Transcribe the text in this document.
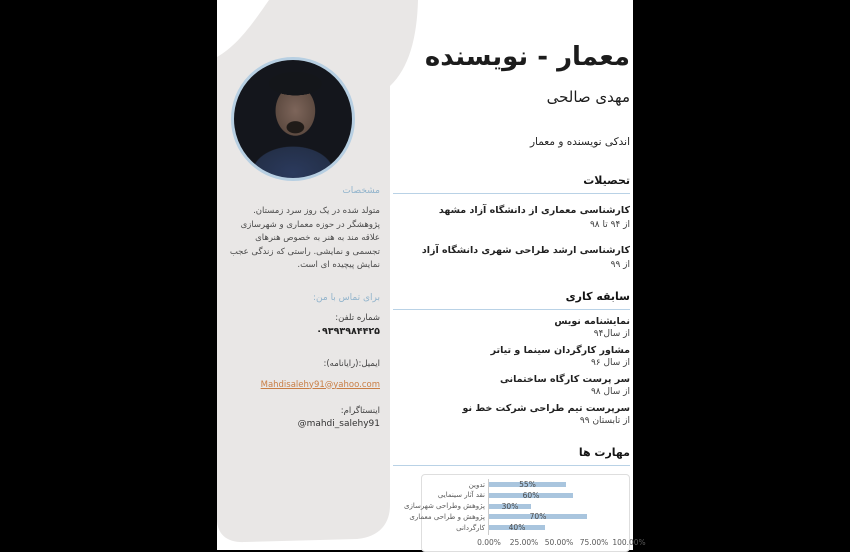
مشخصات

متولد شده در یک روز سرد زمستان. پژوهشگر در حوزه معماری و شهرسازی علاقه مند به هنر به خصوص هنرهای تجسمی و نمایشی. راستی که زندگی عجب نمایش پیچیده ای است.

برای تماس با من:

شماره تلفن:

۰۹۳۹۳۹۸۴۴۲۵

ایمیل:(رایانامه):

Mahdisalehy91@yahoo.com

اینستاگرام:

@mahdi_salehy91

معمار - نویسنده
مهدی صالحی

اندکی نویسنده و معمار

تحصیلات

کارشناسی معماری از دانشگاه آزاد مشهد

از ۹۴ تا ۹۸

کارشناسی ارشد طراحی شهری دانشگاه آزاد

از ۹۹

سابقه کاری

نمایشنامه نویس

از سال۹۴

مشاور کارگردان سینما و تیاتر

از سال ۹۶

سر پرست کارگاه ساختمانی

از سال ۹۸

سرپرست تیم طراحی شرکت خط نو

از تابستان ۹۹

مهارت ها

تدوین	55%
نقد آثار سینمایی	60%
پژوهش وطراحی شهرسازی 30%
پژوهش و طراحی معماری	70%
کارگردانی	40%
0.00% 25.00% 50.00% 75.00% 100.00%
